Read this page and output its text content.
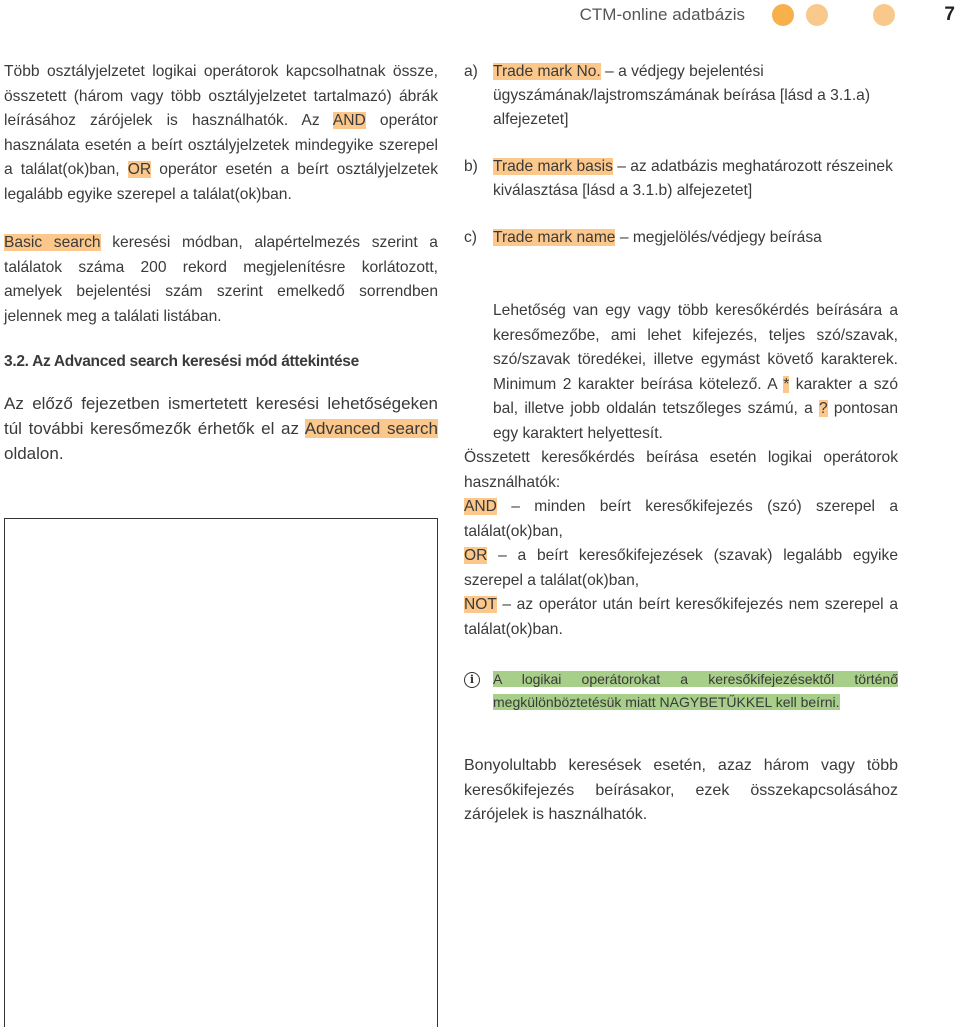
CTM-online adatbázis	7

Több osztályjelzetet logikai operátorok kapcsolhatnak össze, összetett (három vagy több osztályjelzetet tartalmazó) ábrák leírásához zárójelek is használhatók. Az AND operátor használata esetén a beírt osztályjelzetek mindegyike szerepel a találat(ok)ban, OR operátor esetén a beírt osztályjelzetek legalább egyike szerepel a találat(ok)ban.

Basic search keresési módban, alapértelmezés szerint a találatok száma 200 rekord megjelenítésre korlátozott, amelyek bejelentési szám szerint emelkedő sorrendben jelennek meg a találati listában.

3.2. Az Advanced search keresési mód áttekintése

Az előző fejezetben ismertetett keresési lehetőségeken túl további keresőmezők érhetők el az Advanced search oldalon.

a) Trade mark No. – a védjegy bejelentési ügyszámának/lajstromszámának beírása [lásd a 3.1.a) alfejezetet]
b) Trade mark basis – az adatbázis meghatározott részeinek kiválasztása [lásd a 3.1.b) alfejezetet]
c) Trade mark name – megjelölés/védjegy beírása

Lehetőség van egy vagy több keresőkérdés beírására a keresőmezőbe, ami lehet kifejezés, teljes szó/szavak, szó/szavak töredékei, illetve egymást követő karakterek. Minimum 2 karakter beírása kötelező. A * karakter a szó bal, illetve jobb oldalán tetszőleges számú, a ? pontosan egy karaktert helyettesít.

Összetett keresőkérdés beírása esetén logikai operátorok használhatók:
AND – minden beírt keresőkifejezés (szó) szerepel a találat(ok)ban,
OR – a beírt keresőkifejezések (szavak) legalább egyike szerepel a találat(ok)ban,
NOT – az operátor után beírt keresőkifejezés nem szerepel a találat(ok)ban.

i	A logikai operátorokat a keresőkifejezésektől történő megkülönböztetésük miatt NAGYBETŰKKEL kell beírni.

Bonyolultabb keresések esetén, azaz három vagy több keresőkifejezés beírásakor, ezek összekapcsolásához zárójelek is használhatók.
